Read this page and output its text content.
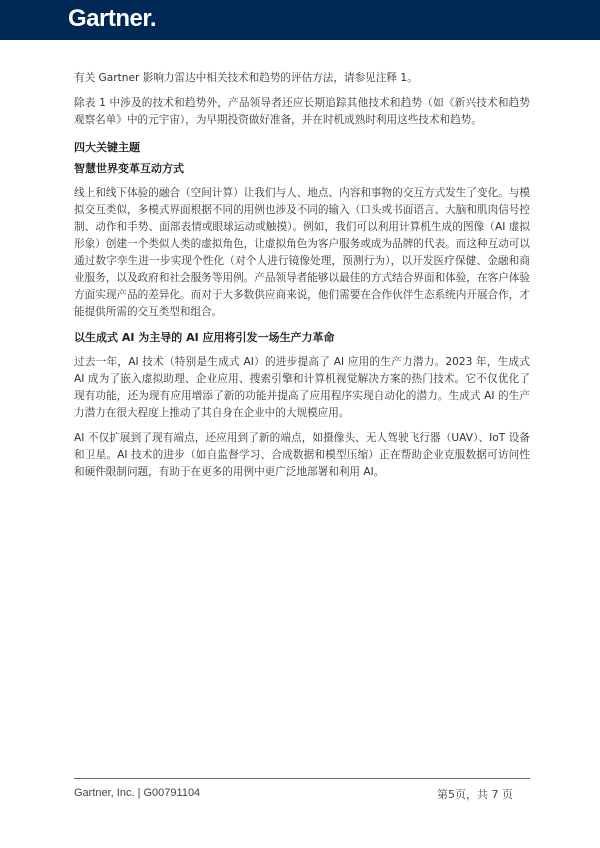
Gartner.

有关 Gartner 影响力雷达中相关技术和趋势的评估方法，请参见注释 1。

除表 1 中涉及的技术和趋势外，产品领导者还应长期追踪其他技术和趋势（如《新兴技术和趋势观察名单》中的元宇宙），为早期投资做好准备，并在时机成熟时利用这些技术和趋势。

四大关键主题
智慧世界变革互动方式

线上和线下体验的融合（空间计算）让我们与人、地点、内容和事物的交互方式发生了变化。与模拟交互类似，多模式界面根据不同的用例也涉及不同的输入（口头或书面语言、大脑和肌肉信号控制、动作和手势、面部表情或眼球运动或触摸）。例如，我们可以利用计算机生成的图像（AI 虚拟形象）创建一个类似人类的虚拟角色，让虚拟角色为客户服务或成为品牌的代表。而这种互动可以通过数字孪生进一步实现个性化（对个人进行镜像处理，预测行为），以开发医疗保健、金融和商业服务，以及政府和社会服务等用例。产品领导者能够以最佳的方式结合界面和体验，在客户体验方面实现产品的差异化。而对于大多数供应商来说，他们需要在合作伙伴生态系统内开展合作，才能提供所需的交互类型和组合。

以生成式 AI 为主导的 AI 应用将引发一场生产力革命

过去一年，AI 技术（特别是生成式 AI）的进步提高了 AI 应用的生产力潜力。2023 年，生成式 AI 成为了嵌入虚拟助理、企业应用、搜索引擎和计算机视觉解决方案的热门技术。它不仅优化了现有功能，还为现有应用增添了新的功能并提高了应用程序实现自动化的潜力。生成式 AI 的生产力潜力在很大程度上推动了其自身在企业中的大规模应用。

AI 不仅扩展到了现有端点，还应用到了新的端点，如摄像头、无人驾驶飞行器（UAV）、IoT 设备和卫星。AI 技术的进步（如自监督学习、合成数据和模型压缩）正在帮助企业克服数据可访问性和硬件限制问题，有助于在更多的用例中更广泛地部署和利用 AI。

Gartner, Inc. | G00791104	第5页，共 7 页
